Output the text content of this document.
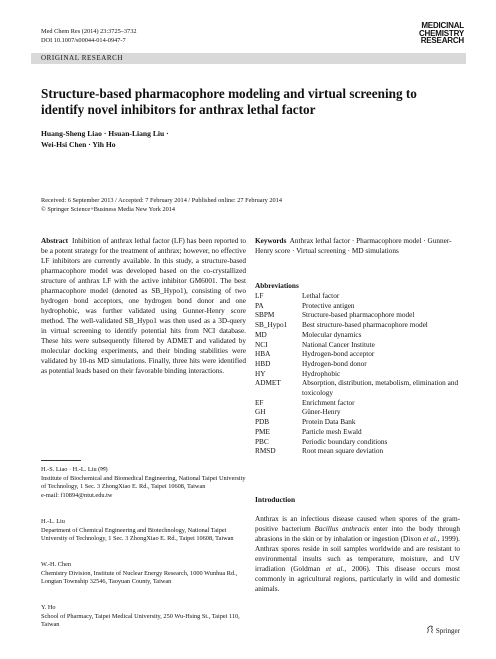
Med Chem Res (2014) 23:3725–3732
DOI 10.1007/s00044-014-0947-7
MEDICINAL
CHEMISTRY
RESEARCH
ORIGINAL RESEARCH
Structure-based pharmacophore modeling and virtual screening to identify novel inhibitors for anthrax lethal factor
Huang-Sheng Liao · Hsuan-Liang Liu ·
Wei-Hsi Chen · Yih Ho
Received: 6 September 2013 / Accepted: 7 February 2014 / Published online: 27 February 2014
© Springer Science+Business Media New York 2014
Abstract Inhibition of anthrax lethal factor (LF) has been reported to be a potent strategy for the treatment of anthrax; however, no effective LF inhibitors are currently available. In this study, a structure-based pharmacophore model was developed based on the co-crystallized structure of anthrax LF with the active inhibitor GM6001. The best pharmacophore model (denoted as SB_Hypo1), consisting of two hydrogen bond acceptors, one hydrogen bond donor and one hydrophobic, was further validated using Gunner-Henry score method. The well-validated SB_Hypo1 was then used as a 3D-query in virtual screening to identify potential hits from NCI database. These hits were subsequently filtered by ADMET and validated by molecular docking experiments, and their binding stabilities were validated by 10-ns MD simulations. Finally, three hits were identified as potential leads based on their favorable binding interactions.
Keywords Anthrax lethal factor · Pharmacophore model · Gunner-Henry score · Virtual screening · MD simulations
Abbreviations
LF	Lethal factor
PA	Protective antigen
SBPM	Structure-based pharmacophore model
SB_Hypo1	Best structure-based pharmacophore model
MD	Molecular dynamics
NCI	National Cancer Institute
HBA	Hydrogen-bond acceptor
HBD	Hydrogen-bond donor
HY	Hydrophobic
ADMET	Absorption, distribution, metabolism, elimination and toxicology
EF	Enrichment factor
GH	Güner-Henry
PDB	Protein Data Bank
PME	Particle mesh Ewald
PBC	Periodic boundary conditions
RMSD	Root mean square deviation
H.-S. Liao · H.-L. Liu (✉)
Institute of Biochemical and Biomedical Engineering, National Taipei University of Technology, 1 Sec. 3 ZhongXiao E. Rd., Taipei 10608, Taiwan
e-mail: f10894@ntut.edu.tw
H.-L. Liu
Department of Chemical Engineering and Biotechnology, National Taipei University of Technology, 1 Sec. 3 ZhongXiao E. Rd., Taipei 10608, Taiwan
W.-H. Chen
Chemistry Division, Institute of Nuclear Energy Research, 1000 Wunhua Rd., Longtan Township 32546, Taoyuan County, Taiwan
Y. Ho
School of Pharmacy, Taipei Medical University, 250 Wu-Hsing St., Taipei 110, Taiwan
Introduction
Anthrax is an infectious disease caused when spores of the gram-positive bacterium Bacillus anthracis enter into the body through abrasions in the skin or by inhalation or ingestion (Dixon et al., 1999). Anthrax spores reside in soil samples worldwide and are resistant to environmental insults such as temperature, moisture, and UV irradiation (Goldman et al., 2006). This disease occurs most commonly in agricultural regions, particularly in wild and domestic animals.
Springer
